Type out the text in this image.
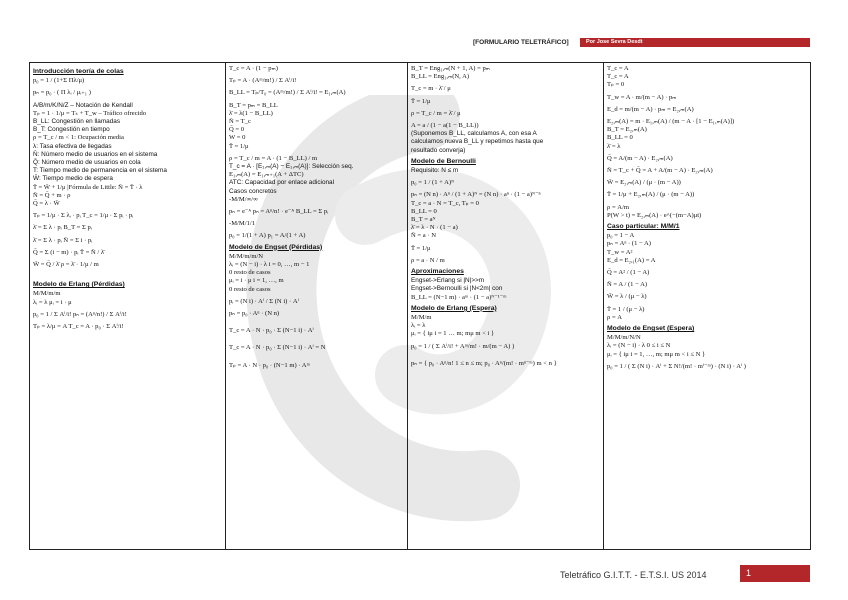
[FORMULARIO TELETRÁFICO]	Por Jose Sevra Desdt
Introducción teoría de colas
p₀ = 1 / (1+Σ Πλ/μ)
pₙ = p₀ · ( Π λᵢ / μᵢ₊₁ )
A/B/m/K/N/Z – Notación de Kendall
Tₚ = 1 · 1/μ = Tₛ + T_w – Tráfico ofrecido
B_LL: Congestión en llamadas
B_T: Congestión en tiempo
ρ = T_c / m < 1: Ocupación media
λ: Tasa efectiva de llegadas
N̄: Número medio de usuarios en el sistema
Q̄: Número medio de usuarios en cola
T: Tiempo medio de permanencia en el sistema
W̄: Tiempo medio de espera
T̄ = W̄ + 1/μ |Fórmula de Little: N̄ = T̄ · λ
N̄ = Q̄ + m · ρ
Q̄ = λ · W̄
Tₚ = 1/μ · Σ λᵢ · pᵢ T_c = 1/μ · Σ pᵢ · pᵢ
λ̄ = Σ λ · pᵢ B_T = Σ pᵢ
λ̄ = Σ λ · pᵢ N̄ = Σ i · pᵢ
Q̄ = Σ (i − m) · pᵢ T̄ = N̄ / λ̄
W̄ = Q̄ / λ̄ ρ = λ̄ · 1/μ / m
Modelo de Erlang (Pérdidas)
M/M/m/m
λᵢ = λ μᵢ = i · μ
p₀ = 1 / Σ Aⁱ/i! pₙ = (Aⁿ/n!) / Σ Aⁱ/i!
Tₚ = λ/μ = A T_c = A · p₀ · Σ Aⁱ/i!
T_c = A · (1 − pₘ)
Tₚ = A · (Aᵐ/m!) / Σ Aⁱ/i!
B_LL = Tₚ/T₀ = (Aᵐ/m!) / Σ Aⁱ/i! = E₁,ₘ(A)
B_T = pₘ = B_LL
λ̄ = λ(1 − B_LL)
N̄ = T_c
Q̄ = 0
W = 0
T̄ = 1/μ
ρ = T_c / m = A · (1 − B_LL) / m
T_c = A · [E₁,ₘ(A) − E₁,ₘ(A)]: Selección seq.
E₁,ₘ(A) = E₁,ₘ₊₁(A + ΔTC)
ATC: Capacidad por enlace adicional
Casos concretos
-M/M/∞/∞
pₙ = e⁻ᴬ pₙ = Aⁿ/n! · e⁻ᴬ B_LL = Σ pᵢ
-M/M/1/1
p₀ = 1/(1 + A) p₁ = A/(1 + A)
Modelo de Engset (Pérdidas)
M/M/m/m/N
λᵢ = (N − i) · λ i = 0, …, m − 1
0 resto de casos
μᵢ = i · μ i = 1, …, m
0 resto de casos
pᵢ = (N i) · Aⁱ / Σ (N i) · Aⁱ
pₙ = p₀ · Aⁿ · (N n)
T_c = A · N · p₀ · Σ (N−1 i) · Aⁱ
T_c = A · N · p₀ · Σ (N−1 i) · Aⁱ = N
Tₚ = A · N · p₀ · (N−1 m) · Aᵐ
B_T = Eng₁,ₘ(N + 1, A) = pₘ
B_LL = Eng₁,ₘ(N, A)
T_c = m · λ̄ / μ
T̄ = 1/μ
ρ = T_c / m = λ̄ / μ
A = a / (1 − a(1 − B_LL))
(Suponemos B_LL, calculamos A, con esa A
calculamos nueva B_LL y repetimos hasta que
resultado converja)
Modelo de Bernoulli
Requisito: N ≤ m
p₀ = 1 / (1 + A)ᴺ
pₙ = (N n) · Aⁿ / (1 + A)ᴺ = (N n) · aⁿ · (1 − a)ᴺ⁻ⁿ
T_c = a · N = T_c, Tₚ = 0
B_LL = 0
B_T = aᴺ
λ̄ = λ · N · (1 − a)
N̄ = a · N
T̄ = 1/μ
ρ = a · N / m
Aproximaciones
Engset->Erlang si |N|>>m
Engset->Bernoulli si |N<2m| con
B_LL = (N−1 m) · aᵐ · (1 − a)ᴺ⁻¹⁻ᵐ
Modelo de Erlang (Espera)
M/M/m
λᵢ = λ
μᵢ = { iμ i = 1 … m; mμ m < i }
p₀ = 1 / ( Σ Aⁱ/i! + Aᵐ/m! · m/(m − A) )
pₙ = { p₀ · Aⁿ/n! 1 ≤ n ≤ m; p₀ · Aⁿ/(m! · mⁿ⁻ᵐ) m < n }
T_c = A
T_c = A
Tₚ = 0
T_w = A · m/(m − A) · pₘ
E_d = m/(m − A) · pₘ = E₂,ₘ(A)
E₂,ₘ(A) = m · E₁,ₘ(A) / (m − A · [1 − E₁,ₘ(A)])
B_T = E₂,ₘ(A)
B_LL = 0
λ̄ = λ
Q̄ = A/(m − A) · E₂,ₘ(A)
N̄ = T_c + Q̄ = A + A/(m − A) · E₂,ₘ(A)
W̄ = E₂,ₘ(A) / (μ · (m − A))
T̄ = 1/μ + E₂,ₘ(A) / (μ · (m − A))
ρ = A/m
P(W > t) = E₂,ₘ(A) · e^(−(m−A)μt)
Caso particular: M/M/1
p₀ = 1 − A
pₙ = Aⁿ · (1 − A)
T_w = A²
E_d = E₂,₁(A) = A
Q̄ = A² / (1 − A)
N̄ = A / (1 − A)
W̄ = λ / (μ − λ)
T̄ = 1 / (μ − λ)
ρ = A
Modelo de Engset (Espera)
M/M/m/N/N
λᵢ = (N − i) · λ 0 ≤ i ≤ N
μᵢ = { iμ i = 1, …, m; mμ m < i ≤ N }
p₀ = 1 / ( Σ (N i) · Aⁱ + Σ N!/(m! · mⁱ⁻ᵐ) · (N i) · Aⁱ )
Teletráfico G.I.T.T. - E.T.S.I. US 2014	1
